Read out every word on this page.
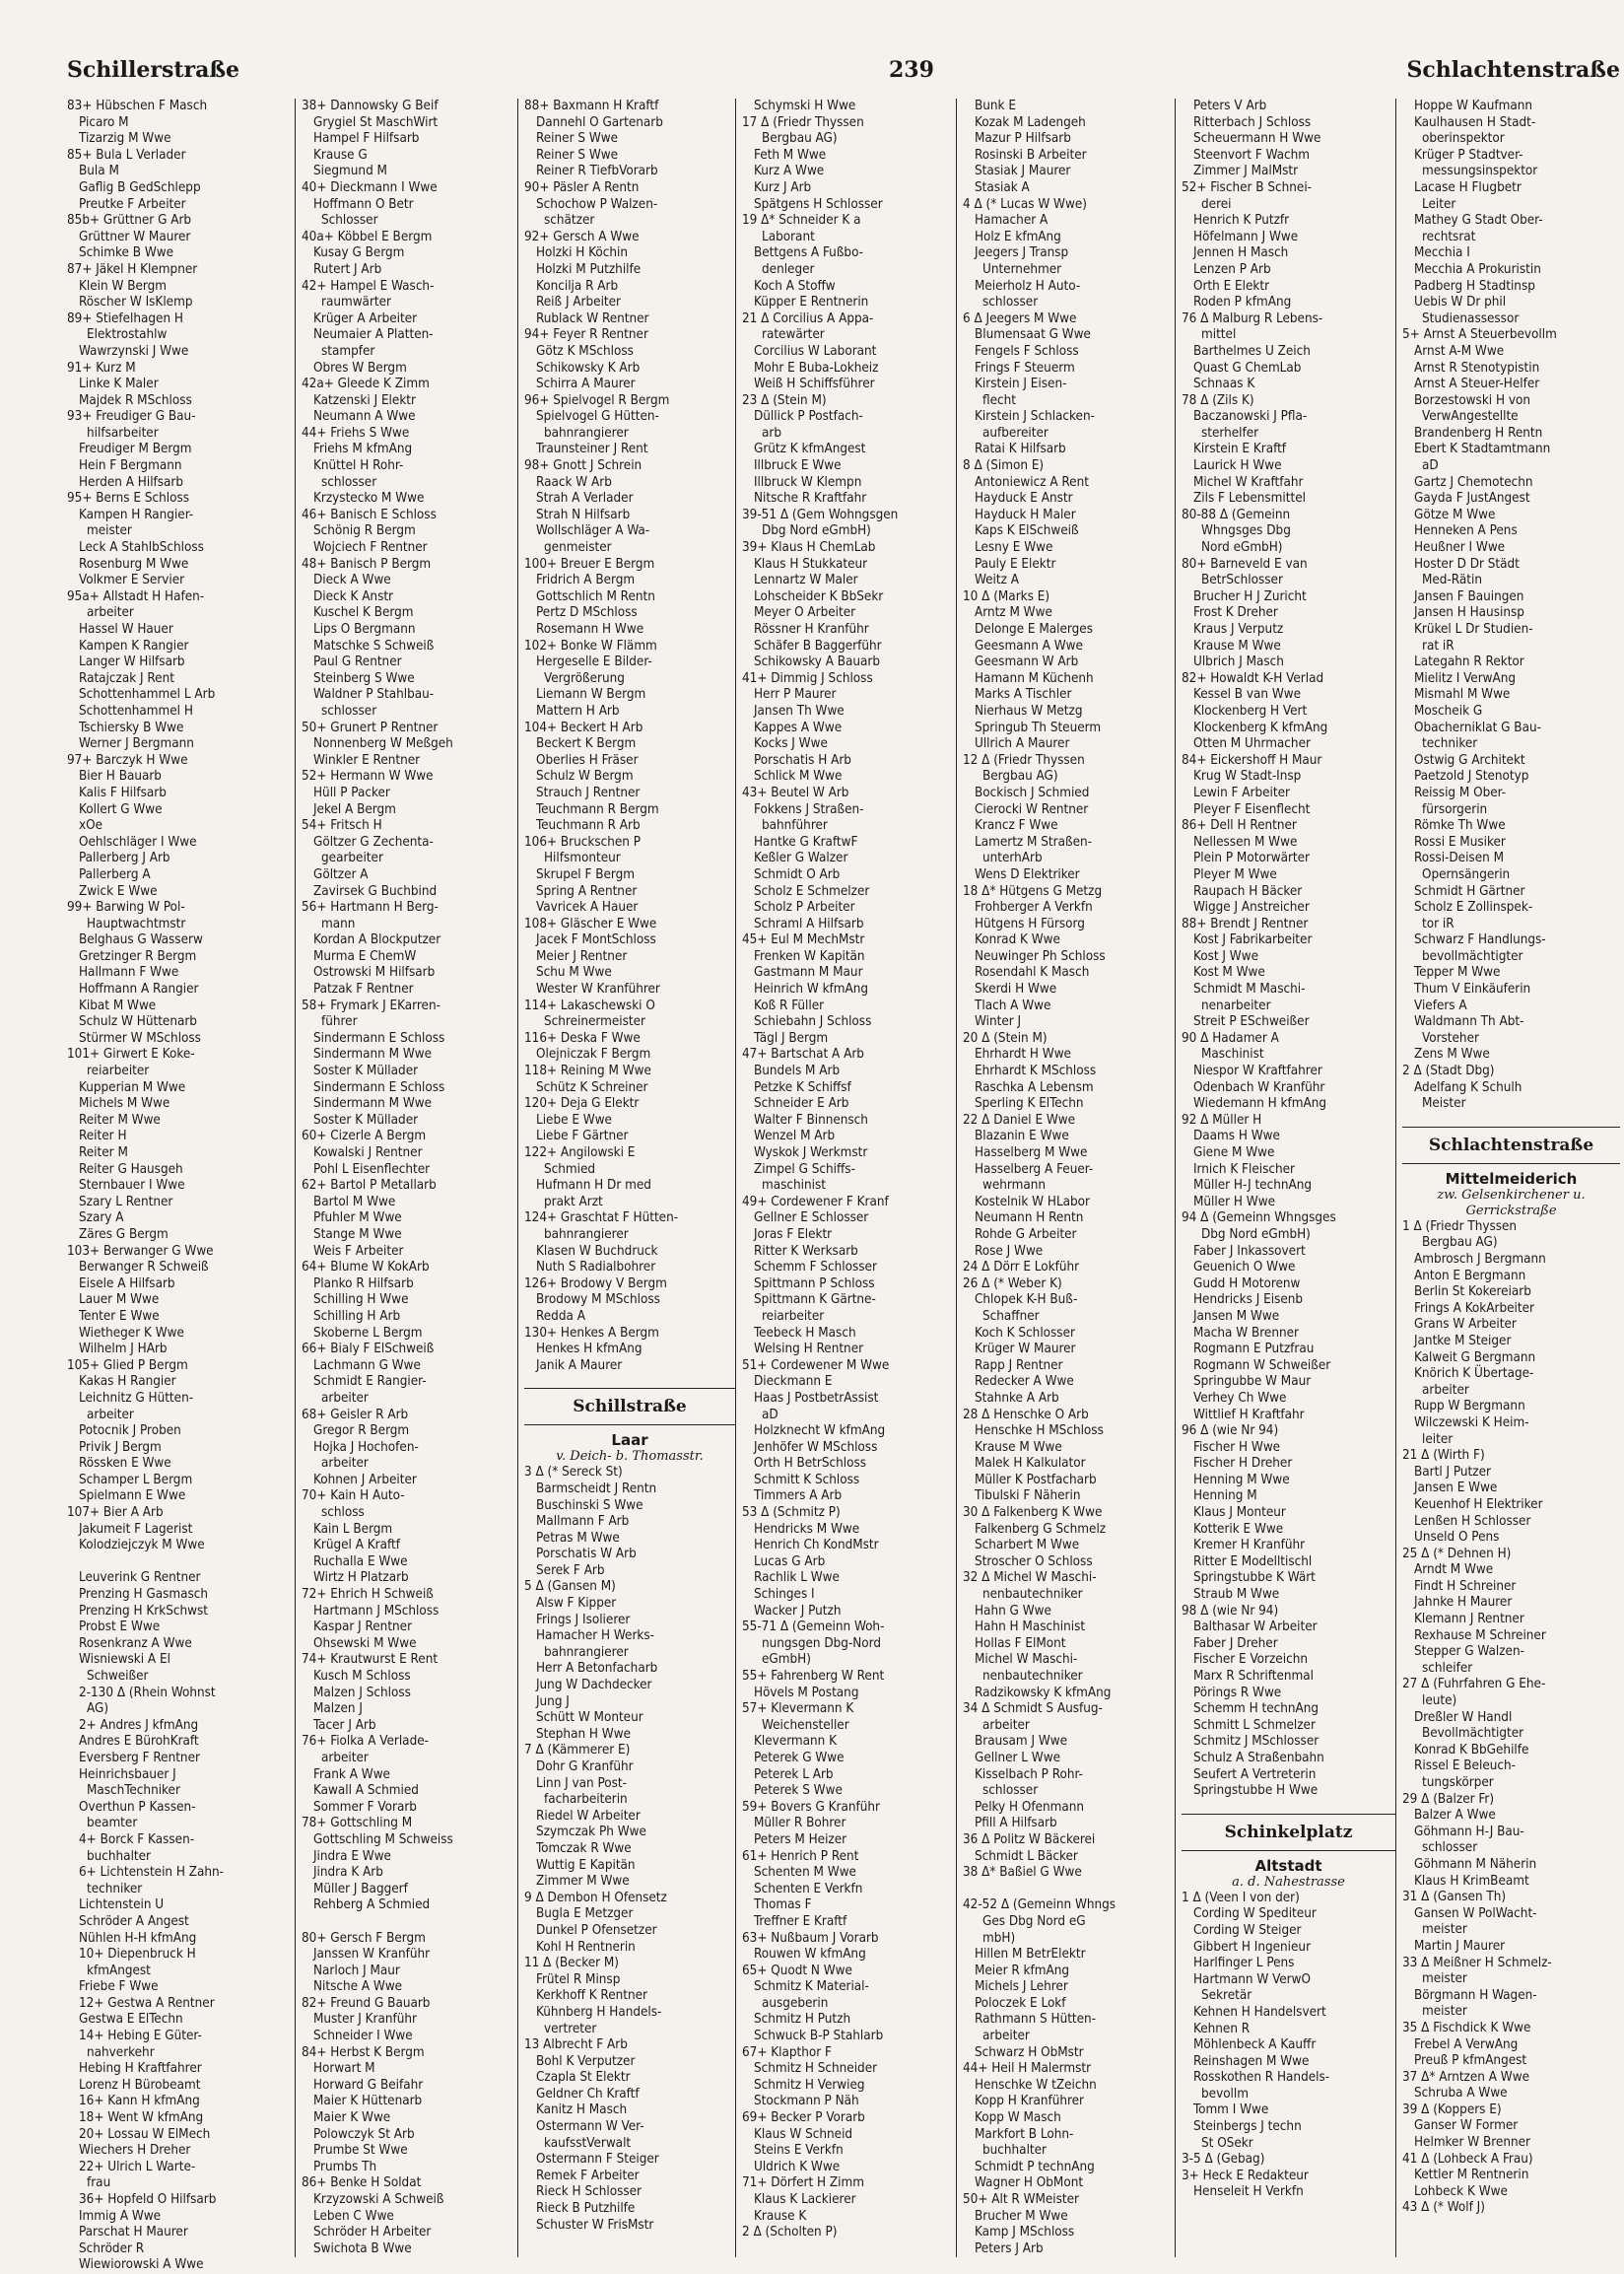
Schillerstraße	239	Schlachtenstraße
83+ Hübschen F Masch
Picaro M
Tizarzig M Wwe
85+ Bula L Verlader
Bula M
Gaflig B GedSchlepp
Preutke F Arbeiter
85b+ Grüttner G Arb
Grüttner W Maurer
Schimke B Wwe
87+ Jäkel H Klempner
Klein W Bergm
Röscher W IsKlemp
89+ Stiefelhagen H
Elektrostahlw
Wawrzynski J Wwe
91+ Kurz M
Linke K Maler
Majdek R MSchloss
93+ Freudiger G Bau-
hilfsarbeiter
Freudiger M Bergm
Hein F Bergmann
Herden A Hilfsarb
95+ Berns E Schloss
Kampen H Rangier-
meister
Leck A StahlbSchloss
Rosenburg M Wwe
Volkmer E Servier
95a+ Allstadt H Hafen-
arbeiter
Hassel W Hauer
Kampen K Rangier
Langer W Hilfsarb
Ratajczak J Rent
Schottenhammel L Arb
Schottenhammel H
Tschiersky B Wwe
Werner J Bergmann
97+ Barczyk H Wwe
Bier H Bauarb
Kalis F Hilfsarb
Kollert G Wwe
xOe
Oehlschläger I Wwe
Pallerberg J Arb
Pallerberg A
Zwick E Wwe
99+ Barwing W Pol-
Hauptwachtmstr
Belghaus G Wasserw
Gretzinger R Bergm
Hallmann F Wwe
Hoffmann A Rangier
Kibat M Wwe
Schulz W Hüttenarb
Stürmer W MSchloss
101+ Girwert E Koke-
reiarbeiter
Kupperian M Wwe
Michels M Wwe
Reiter M Wwe
Reiter H
Reiter M
Reiter G Hausgeh
Sternbauer I Wwe
Szary L Rentner
Szary A
Zäres G Bergm
103+ Berwanger G Wwe
Berwanger R Schweiß
Eisele A Hilfsarb
Lauer M Wwe
Tenter E Wwe
Wietheger K Wwe
Wilhelm J HArb
105+ Glied P Bergm
Kakas H Rangier
Leichnitz G Hütten-
arbeiter
Potocnik J Proben
Privik J Bergm
Rössken E Wwe
Schamper L Bergm
Spielmann E Wwe
107+ Bier A Arb
Jakumeit F Lagerist
Kolodziejczyk M Wwe

Leuverink G Rentner
Prenzing H Gasmasch
Prenzing H KrkSchwst
Probst E Wwe
Rosenkranz A Wwe
Wisniewski A El
Schweißer
2-130 Δ (Rhein Wohnst
AG)
2+ Andres J kfmAng
Andres E BürohKraft
Eversberg F Rentner
Heinrichsbauer J
MaschTechniker
Overthun P Kassen-
beamter
4+ Borck F Kassen-
buchhalter
6+ Lichtenstein H Zahn-
techniker
Lichtenstein U
Schröder A Angest
Nühlen H-H kfmAng
10+ Diepenbruck H
kfmAngest
Friebe F Wwe
12+ Gestwa A Rentner
Gestwa E ElTechn
14+ Hebing E Güter-
nahverkehr
Hebing H Kraftfahrer
Lorenz H Bürobeamt
16+ Kann H kfmAng
18+ Went W kfmAng
20+ Lossau W ElMech
Wiechers H Dreher
22+ Ulrich L Warte-
frau
36+ Hopfeld O Hilfsarb
Immig A Wwe
Parschat H Maurer
Schröder R
Wiewiorowski A Wwe
38+ Dannowsky G Beif
Grygiel St MaschWirt
Hampel F Hilfsarb
Krause G
Siegmund M
40+ Dieckmann I Wwe
Hoffmann O Betr
Schlosser
40a+ Köbbel E Bergm
Kusay G Bergm
Rutert J Arb
42+ Hampel E Wasch-
raumwärter
Krüger A Arbeiter
Neumaier A Platten-
stampfer
Obres W Bergm
42a+ Gleede K Zimm
Katzenski J Elektr
Neumann A Wwe
44+ Friehs S Wwe
Friehs M kfmAng
Knüttel H Rohr-
schlosser
Krzystecko M Wwe
46+ Banisch E Schloss
Schönig R Bergm
Wojciech F Rentner
48+ Banisch P Bergm
Dieck A Wwe
Dieck K Anstr
Kuschel K Bergm
Lips O Bergmann
Matschke S Schweiß
Paul G Rentner
Steinberg S Wwe
Waldner P Stahlbau-
schlosser
50+ Grunert P Rentner
Nonnenberg W Meßgeh
Winkler E Rentner
52+ Hermann W Wwe
Hüll P Packer
Jekel A Bergm
54+ Fritsch H
Göltzer G Zechenta-
gearbeiter
Göltzer A
Zavirsek G Buchbind
56+ Hartmann H Berg-
mann
Kordan A Blockputzer
Murma E ChemW
Ostrowski M Hilfsarb
Patzak F Rentner
58+ Frymark J EKarren-
führer
Sindermann E Schloss
Sindermann M Wwe
Soster K Müllader
Sindermann E Schloss
Sindermann M Wwe
Soster K Müllader
60+ Cizerle A Bergm
Kowalski J Rentner
Pohl L Eisenflechter
62+ Bartol P Metallarb
Bartol M Wwe
Pfuhler M Wwe
Stange M Wwe
Weis F Arbeiter
64+ Blume W KokArb
Planko R Hilfsarb
Schilling H Wwe
Schilling H Arb
Skoberne L Bergm
66+ Bialy F ElSchweiß
Lachmann G Wwe
Schmidt E Rangier-
arbeiter
68+ Geisler R Arb
Gregor R Bergm
Hojka J Hochofen-
arbeiter
Kohnen J Arbeiter
70+ Kain H Auto-
schloss
Kain L Bergm
Krügel A Kraftf
Ruchalla E Wwe
Wirtz H Platzarb
72+ Ehrich H Schweiß
Hartmann J MSchloss
Kaspar J Rentner
Ohsewski M Wwe
74+ Krautwurst E Rent
Kusch M Schloss
Malzen J Schloss
Malzen J
Tacer J Arb
76+ Fiolka A Verlade-
arbeiter
Frank A Wwe
Kawall A Schmied
Sommer F Vorarb
78+ Gottschling M
Gottschling M Schweiss
Jindra E Wwe
Jindra K Arb
Müller J Baggerf
Rehberg A Schmied

80+ Gersch F Bergm
Janssen W Kranführ
Narloch J Maur
Nitsche A Wwe
82+ Freund G Bauarb
Muster J Kranführ
Schneider I Wwe
84+ Herbst K Bergm
Horwart M
Horward G Beifahr
Maier K Hüttenarb
Maier K Wwe
Polowczyk St Arb
Prumbe St Wwe
Prumbs Th
86+ Benke H Soldat
Krzyzowski A Schweiß
Leben C Wwe
Schröder H Arbeiter
Swichota B Wwe
88+ Baxmann H Kraftf
Dannehl O Gartenarb
Reiner S Wwe
Reiner S Wwe
Reiner R TiefbVorarb
90+ Päsler A Rentn
Schochow P Walzen-
schätzer
92+ Gersch A Wwe
Holzki H Köchin
Holzki M Putzhilfe
Koncilja R Arb
Reiß J Arbeiter
Rublack W Rentner
94+ Feyer R Rentner
Götz K MSchloss
Schikowsky K Arb
Schirra A Maurer
96+ Spielvogel R Bergm
Spielvogel G Hütten-
bahnrangierer
Traunsteiner J Rent
98+ Gnott J Schrein
Raack W Arb
Strah A Verlader
Strah N Hilfsarb
Wollschläger A Wa-
genmeister
100+ Breuer E Bergm
Fridrich A Bergm
Gottschlich M Rentn
Pertz D MSchloss
Rosemann H Wwe
102+ Bonke W Flämm
Hergeselle E Bilder-
Vergrößerung
Liemann W Bergm
Mattern H Arb
104+ Beckert H Arb
Beckert K Bergm
Oberlies H Fräser
Schulz W Bergm
Strauch J Rentner
Teuchmann R Bergm
Teuchmann R Arb
106+ Bruckschen P
Hilfsmonteur
Skrupel F Bergm
Spring A Rentner
Vavricek A Hauer
108+ Gläscher E Wwe
Jacek F MontSchloss
Meier J Rentner
Schu M Wwe
Wester W Kranführer
114+ Lakaschewski O
Schreinermeister
116+ Deska F Wwe
Olejniczak F Bergm
118+ Reining M Wwe
Schütz K Schreiner
120+ Deja G Elektr
Liebe E Wwe
Liebe F Gärtner
122+ Angilowski E
Schmied
Hufmann H Dr med
prakt Arzt
124+ Graschtat F Hütten-
bahnrangierer
Klasen W Buchdruck
Nuth S Radialbohrer
126+ Brodowy V Bergm
Brodowy M MSchloss
Redda A
130+ Henkes A Bergm
Henkes H kfmAng
Janik A Maurer
Schillstraße
Laar
v. Deich- b. Thomasstr.
3 Δ (* Sereck St)
Barmscheidt J Rentn
Buschinski S Wwe
Mallmann F Arb
Petras M Wwe
Porschatis W Arb
Serek F Arb
5 Δ (Gansen M)
Alsw F Kipper
Frings J Isolierer
Hamacher H Werks-
bahnrangierer
Herr A Betonfacharb
Jung W Dachdecker
Jung J
Schütt W Monteur
Stephan H Wwe
7 Δ (Kämmerer E)
Dohr G Kranführ
Linn J van Post-
facharbeiterin
Riedel W Arbeiter
Szymczak Ph Wwe
Tomczak R Wwe
Wuttig E Kapitän
Zimmer M Wwe
9 Δ Dembon H Ofensetz
Bugla E Metzger
Dunkel P Ofensetzer
Kohl H Rentnerin
11 Δ (Becker M)
Frütel R Minsp
Kerkhoff K Rentner
Kühnberg H Handels-
vertreter
13 Albrecht F Arb
Bohl K Verputzer
Czapla St Elektr
Geldner Ch Kraftf
Kanitz H Masch
Ostermann W Ver-
kaufsstVerwalt
Ostermann F Steiger
Remek F Arbeiter
Rieck H Schlosser
Rieck B Putzhilfe
Schuster W FrisMstr
Schymski H Wwe
17 Δ (Friedr Thyssen
Bergbau AG)
Feth M Wwe
Kurz A Wwe
Kurz J Arb
Spätgens H Schlosser
19 Δ* Schneider K a
Laborant
Bettgens A Fußbo-
denleger
Koch A Stoffw
Küpper E Rentnerin
21 Δ Corcilius A Appa-
ratewärter
Corcilius W Laborant
Mohr E Buba-Lokheiz
Weiß H Schiffsführer
23 Δ (Stein M)
Düllick P Postfach-
arb
Grütz K kfmAngest
Illbruck E Wwe
Illbruck W Klempn
Nitsche R Kraftfahr
39-51 Δ (Gem Wohngsgen
Dbg Nord eGmbH)
39+ Klaus H ChemLab
Klaus H Stukkateur
Lennartz W Maler
Lohscheider K BbSekr
Meyer O Arbeiter
Rössner H Kranführ
Schäfer B Baggerführ
Schikowsky A Bauarb
41+ Dimmig J Schloss
Herr P Maurer
Jansen Th Wwe
Kappes A Wwe
Kocks J Wwe
Porschatis H Arb
Schlick M Wwe
43+ Beutel W Arb
Fokkens J Straßen-
bahnführer
Hantke G KraftwF
Keßler G Walzer
Schmidt O Arb
Scholz E Schmelzer
Scholz P Arbeiter
Schraml A Hilfsarb
45+ Eul M MechMstr
Frenken W Kapitän
Gastmann M Maur
Heinrich W kfmAng
Koß R Füller
Schiebahn J Schloss
Tägl J Bergm
47+ Bartschat A Arb
Bundels M Arb
Petzke K Schiffsf
Schneider E Arb
Walter F Binnensch
Wenzel M Arb
Wyskok J Werkmstr
Zimpel G Schiffs-
maschinist
49+ Cordewener F Kranf
Gellner E Schlosser
Joras F Elektr
Ritter K Werksarb
Schemm F Schlosser
Spittmann P Schloss
Spittmann K Gärtne-
reiarbeiter
Teebeck H Masch
Welsing H Rentner
51+ Cordewener M Wwe
Dieckmann E
Haas J PostbetrAssist
aD
Holzknecht W kfmAng
Jenhöfer W MSchloss
Orth H BetrSchloss
Schmitt K Schloss
Timmers A Arb
53 Δ (Schmitz P)
Hendricks M Wwe
Henrich Ch KondMstr
Lucas G Arb
Rachlik L Wwe
Schinges I
Wacker J Putzh
55-71 Δ (Gemeinn Woh-
nungsgen Dbg-Nord
eGmbH)
55+ Fahrenberg W Rent
Hövels M Postang
57+ Klevermann K
Weichensteller
Klevermann K
Peterek G Wwe
Peterek L Arb
Peterek S Wwe
59+ Bovers G Kranführ
Müller R Bohrer
Peters M Heizer
61+ Henrich P Rent
Schenten M Wwe
Schenten E Verkfn
Thomas F
Treffner E Kraftf
63+ Nußbaum J Vorarb
Rouwen W kfmAng
65+ Quodt N Wwe
Schmitz K Material-
ausgeberin
Schmitz H Putzh
Schwuck B-P Stahlarb
67+ Klapthor F
Schmitz H Schneider
Schmitz H Verwieg
Stockmann P Näh
69+ Becker P Vorarb
Klaus W Schneid
Steins E Verkfn
Uldrich K Wwe
71+ Dörfert H Zimm
Klaus K Lackierer
Krause K
2 Δ (Scholten P)
Bunk E
Kozak M Ladengeh
Mazur P Hilfsarb
Rosinski B Arbeiter
Stasiak J Maurer
Stasiak A
4 Δ (* Lucas W Wwe)
Hamacher A
Holz E kfmAng
Jeegers J Transp
Unternehmer
Meierholz H Auto-
schlosser
6 Δ Jeegers M Wwe
Blumensaat G Wwe
Fengels F Schloss
Frings F Steuerm
Kirstein J Eisen-
flecht
Kirstein J Schlacken-
aufbereiter
Ratai K Hilfsarb
8 Δ (Simon E)
Antoniewicz A Rent
Hayduck E Anstr
Hayduck H Maler
Kaps K ElSchweiß
Lesny E Wwe
Pauly E Elektr
Weitz A
10 Δ (Marks E)
Arntz M Wwe
Delonge E Malerges
Geesmann A Wwe
Geesmann W Arb
Hamann M Küchenh
Marks A Tischler
Nierhaus W Metzg
Springub Th Steuerm
Ullrich A Maurer
12 Δ (Friedr Thyssen
Bergbau AG)
Bockisch J Schmied
Cierocki W Rentner
Krancz F Wwe
Lamertz M Straßen-
unterhArb
Wens D Elektriker
18 Δ* Hütgens G Metzg
Frohberger A Verkfn
Hütgens H Fürsorg
Konrad K Wwe
Neuwinger Ph Schloss
Rosendahl K Masch
Skerdi H Wwe
Tlach A Wwe
Winter J
20 Δ (Stein M)
Ehrhardt H Wwe
Ehrhardt K MSchloss
Raschka A Lebensm
Sperling K ElTechn
22 Δ Daniel E Wwe
Blazanin E Wwe
Hasselberg M Wwe
Hasselberg A Feuer-
wehrmann
Kostelnik W HLabor
Neumann H Rentn
Rohde G Arbeiter
Rose J Wwe
24 Δ Dörr E Lokführ
26 Δ (* Weber K)
Chlopek K-H Buß-
Schaffner
Koch K Schlosser
Krüger W Maurer
Rapp J Rentner
Redecker A Wwe
Stahnke A Arb
28 Δ Henschke O Arb
Henschke H MSchloss
Krause M Wwe
Malek H Kalkulator
Müller K Postfacharb
Tibulski F Näherin
30 Δ Falkenberg K Wwe
Falkenberg G Schmelz
Scharbert M Wwe
Stroscher O Schloss
32 Δ Michel W Maschi-
nenbautechniker
Hahn G Wwe
Hahn H Maschinist
Hollas F ElMont
Michel W Maschi-
nenbautechniker
Radzikowsky K kfmAng
34 Δ Schmidt S Ausfug-
arbeiter
Brausam J Wwe
Gellner L Wwe
Kisselbach P Rohr-
schlosser
Pelky H Ofenmann
Pfill A Hilfsarb
36 Δ Politz W Bäckerei
Schmidt L Bäcker
38 Δ* Baßiel G Wwe

42-52 Δ (Gemeinn Whngs
Ges Dbg Nord eG
mbH)
Hillen M BetrElektr
Meier R kfmAng
Michels J Lehrer
Poloczek E Lokf
Rathmann S Hütten-
arbeiter
Schwarz H ObMstr
44+ Heil H Malermstr
Henschke W tZeichn
Kopp H Kranführer
Kopp W Masch
Markfort B Lohn-
buchhalter
Schmidt P technAng
Wagner H ObMont
50+ Alt R WMeister
Brucher M Wwe
Kamp J MSchloss
Peters J Arb
Peters V Arb
Ritterbach J Schloss
Scheuermann H Wwe
Steenvort F Wachm
Zimmer J MalMstr
52+ Fischer B Schnei-
derei
Henrich K Putzfr
Höfelmann J Wwe
Jennen H Masch
Lenzen P Arb
Orth E Elektr
Roden P kfmAng
76 Δ Malburg R Lebens-
mittel
Barthelmes U Zeich
Quast G ChemLab
Schnaas K
78 Δ (Zils K)
Baczanowski J Pfla-
sterhelfer
Kirstein E Kraftf
Laurick H Wwe
Michel W Kraftfahr
Zils F Lebensmittel
80-88 Δ (Gemeinn
Whngsges Dbg
Nord eGmbH)
80+ Barneveld E van
BetrSchlosser
Brucher H J Zuricht
Frost K Dreher
Kraus J Verputz
Krause M Wwe
Ulbrich J Masch
82+ Howaldt K-H Verlad
Kessel B van Wwe
Klockenberg H Vert
Klockenberg K kfmAng
Otten M Uhrmacher
84+ Eickershoff H Maur
Krug W Stadt-Insp
Lewin F Arbeiter
Pleyer F Eisenflecht
86+ Dell H Rentner
Nellessen M Wwe
Plein P Motorwärter
Pleyer M Wwe
Raupach H Bäcker
Wigge J Anstreicher
88+ Brendt J Rentner
Kost J Fabrikarbeiter
Kost J Wwe
Kost M Wwe
Schmidt M Maschi-
nenarbeiter
Streit P ESchweißer
90 Δ Hadamer A
Maschinist
Niespor W Kraftfahrer
Odenbach W Kranführ
Wiedemann H kfmAng
92 Δ Müller H
Daams H Wwe
Giene M Wwe
Irnich K Fleischer
Müller H-J technAng
Müller H Wwe
94 Δ (Gemeinn Whngsges
Dbg Nord eGmbH)
Faber J Inkassovert
Geuenich O Wwe
Gudd H Motorenw
Hendricks J Eisenb
Jansen M Wwe
Macha W Brenner
Rogmann E Putzfrau
Rogmann W Schweißer
Springubbe W Maur
Verhey Ch Wwe
Wittlief H Kraftfahr
96 Δ (wie Nr 94)
Fischer H Wwe
Fischer H Dreher
Henning M Wwe
Henning M
Klaus J Monteur
Kotterik E Wwe
Kremer H Kranführ
Ritter E Modelltischl
Springstubbe K Wärt
Straub M Wwe
98 Δ (wie Nr 94)
Balthasar W Arbeiter
Faber J Dreher
Fischer E Vorzeichn
Marx R Schriftenmal
Pörings R Wwe
Schemm H technAng
Schmitt L Schmelzer
Schmitz J MSchlosser
Schulz A Straßenbahn
Seufert A Vertreterin
Springstubbe H Wwe
Schinkelplatz
Altstadt
a. d. Nahestrasse
1 Δ (Veen I von der)
Cording W Spediteur
Cording W Steiger
Gibbert H Ingenieur
Harlfinger L Pens
Hartmann W VerwO
Sekretär
Kehnen H Handelsvert
Kehnen R
Möhlenbeck A Kauffr
Reinshagen M Wwe
Rosskothen R Handels-
bevollm
Tomm I Wwe
Steinbergs J techn
St OSekr
3-5 Δ (Gebag)
3+ Heck E Redakteur
Henseleit H Verkfn
Hoppe W Kaufmann
Kaulhausen H Stadt-
oberinspektor
Krüger P Stadtver-
messungsinspektor
Lacase H Flugbetr
Leiter
Mathey G Stadt Ober-
rechtsrat
Mecchia I
Mecchia A Prokuristin
Padberg H Stadtinsp
Uebis W Dr phil
Studienassessor
5+ Arnst A Steuerbevollm
Arnst A-M Wwe
Arnst R Stenotypistin
Arnst A Steuer-Helfer
Borzestowski H von
VerwAngestellte
Brandenberg H Rentn
Ebert K Stadtamtmann
aD
Gartz J Chemotechn
Gayda F JustAngest
Götze M Wwe
Henneken A Pens
Heußner I Wwe
Hoster D Dr Städt
Med-Rätin
Jansen F Bauingen
Jansen H Hausinsp
Krükel L Dr Studien-
rat iR
Lategahn R Rektor
Mielitz I VerwAng
Mismahl M Wwe
Moscheik G
Obacherniklat G Bau-
techniker
Ostwig G Architekt
Paetzold J Stenotyp
Reissig M Ober-
fürsorgerin
Römke Th Wwe
Rossi E Musiker
Rossi-Deisen M
Opernsängerin
Schmidt H Gärtner
Scholz E Zollinspek-
tor iR
Schwarz F Handlungs-
bevollmächtigter
Tepper M Wwe
Thum V Einkäuferin
Viefers A
Waldmann Th Abt-
Vorsteher
Zens M Wwe
2 Δ (Stadt Dbg)
Adelfang K Schulh
Meister
Schlachtenstraße
Mittelmeiderich
zw. Gelsenkirchener u.
Gerrickstraße
1 Δ (Friedr Thyssen
Bergbau AG)
Ambrosch J Bergmann
Anton E Bergmann
Berlin St Kokereiarb
Frings A KokArbeiter
Grans W Arbeiter
Jantke M Steiger
Kalweit G Bergmann
Knörich K Übertage-
arbeiter
Rupp W Bergmann
Wilczewski K Heim-
leiter
21 Δ (Wirth F)
Bartl J Putzer
Jansen E Wwe
Keuenhof H Elektriker
Lenßen H Schlosser
Unseld O Pens
25 Δ (* Dehnen H)
Arndt M Wwe
Findt H Schreiner
Jahnke H Maurer
Klemann J Rentner
Rexhause M Schreiner
Stepper G Walzen-
schleifer
27 Δ (Fuhrfahren G Ehe-
leute)
Dreßler W Handl
Bevollmächtigter
Konrad K BbGehilfe
Rissel E Beleuch-
tungskörper
29 Δ (Balzer Fr)
Balzer A Wwe
Göhmann H-J Bau-
schlosser
Göhmann M Näherin
Klaus H KrimBeamt
31 Δ (Gansen Th)
Gansen W PolWacht-
meister
Martin J Maurer
33 Δ Meißner H Schmelz-
meister
Börgmann H Wagen-
meister
35 Δ Fischdick K Wwe
Frebel A VerwAng
Preuß P kfmAngest
37 Δ* Arntzen A Wwe
Schruba A Wwe
39 Δ (Koppers E)
Ganser W Former
Helmker W Brenner
41 Δ (Lohbeck A Frau)
Kettler M Rentnerin
Lohbeck K Wwe
43 Δ (* Wolf J)
